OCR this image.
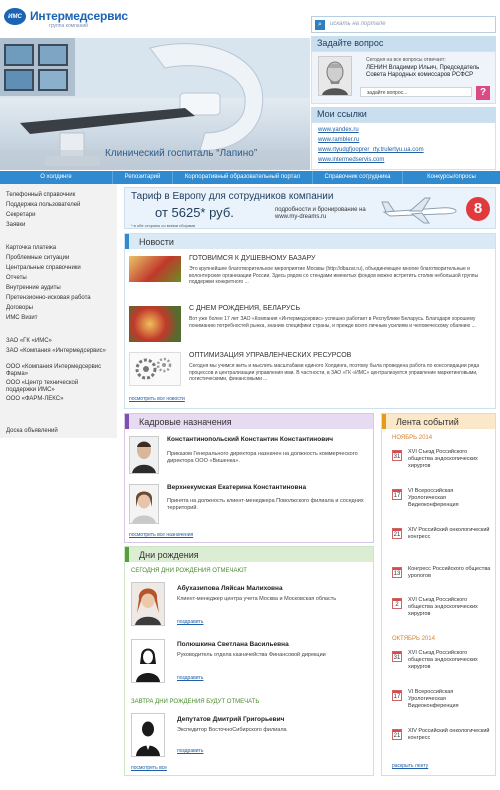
ИМС Интермедсервис
группа компаний
Клинический госпиталь “Лапино”
⌕	искать на портале
Задайте вопрос
Сегодня на все вопросы отвечает:
ЛЕНИН Владимир Ильич, Председатель Совета Народных комиссаров РСФСР
задайте вопрос...	?
Мои ссылки
www.yandex.ru
www.rambler.ru
www.rtyudgfjooprer_rty.trulertyu.ua.com
www.intermedservis.com
О холдинге	Репозитарий	Корпоративный образовательный портал	Справочник сотрудника	Конкурсы/опросы
Телефонный справочник
Поддержка пользователей
Секретари
Заявки
Карточка платежа
Проблемные ситуации
Центральные справочники
Отчеты
Внутренние аудиты
Претензионно-исковая работа
Договоры
ИМС Визит
ЗАО «ГК «ИМС»
ЗАО «Компания «Интермедсервис»
ООО «Компания Интермедсервис Фарма»
ООО «Центр технической поддержки ИМС»
ООО «ФАРМ-ЛЕКС»
Доска объявлений
Тариф в Европу для сотрудников компании
от 5625* руб.	подробности и бронирование на www.my-dreams.ru
* в обе стороны со всеми сборами
8
Новости
ГОТОВИМСЯ К ДУШЕВНОМУ БАЗАРУ
Это крупнейшее благотворительное мероприятие Москвы (http://dbazar.ru), объединяющее многие благотворительные и волонтерские организации России. Здесь рядом со стендами именитых фондов можно встретить столик небольшой группы поддержки конкретного ...
С ДНЕМ РОЖДЕНИЯ, БЕЛАРУСЬ
Вот уже более 17 лет ЗАО «Компания «Интермедсервис» успешно работает в Республике Беларусь. Благодаря хорошему пониманию потребностей рынка, знанию специфики страны, и прежде всего личным усилиям и человеческому обаянию ...
ОПТИМИЗАЦИЯ УПРАВЛЕНЧЕСКИХ РЕСУРСОВ
Сегодня мы учимся жить и мыслить масштабами единого Холдинга, поэтому была проведена работа по консолидации ряда процессов и централизации управления ими. В частности, в ЗАО «ГК «ИМС» централизуется управление маркетинговыми, логистическими, финансовыми ...
посмотреть все новости
Кадровые назначения
Константинопольский Константин Константинович
Приказом Генерального директора назначен на должность коммерческого директора ООО «Вишенка».
Верхнекумская Екатерина Константиновна
Принята на должность клиент-менеджера Поволжского филиала и соседних территорий.
посмотреть все назначения
Дни рождения
СЕГОДНЯ ДНИ РОЖДЕНИЯ ОТМЕЧАЮТ
Абухазипова Ляйсан Малиховна
Клиент-менеджер центра учета Москва и Московская область
поздравить
Полюшкина Светлана Васильевна
Руководитель отдела казначейства Финансовой дирекции
поздравить
ЗАВТРА ДНИ РОЖДЕНИЯ БУДУТ ОТМЕЧАТЬ
Депутатов Дмитрий Григорьевич
Экспедитор ВосточноСибирского филиала
поздравить
посмотреть все
Лента событий
НОЯБРЬ 2014
31
XVI Съезд Российского общества эндоскопических хирургов
17
VI Всероссийская Урологическая Видеоконференция
21
XIV Российский онкологический конгресс
13
Конгресс Российского общества урологов
2
XVI Съезд Российского общества эндоскопических хирургов
ОКТЯБРЬ 2014
31
XVI Съезд Российского общества эндоскопических хирургов
17
VI Всероссийская Урологическая Видеоконференция
21
XIV Российский онкологический конгресс
раскрыть ленту
